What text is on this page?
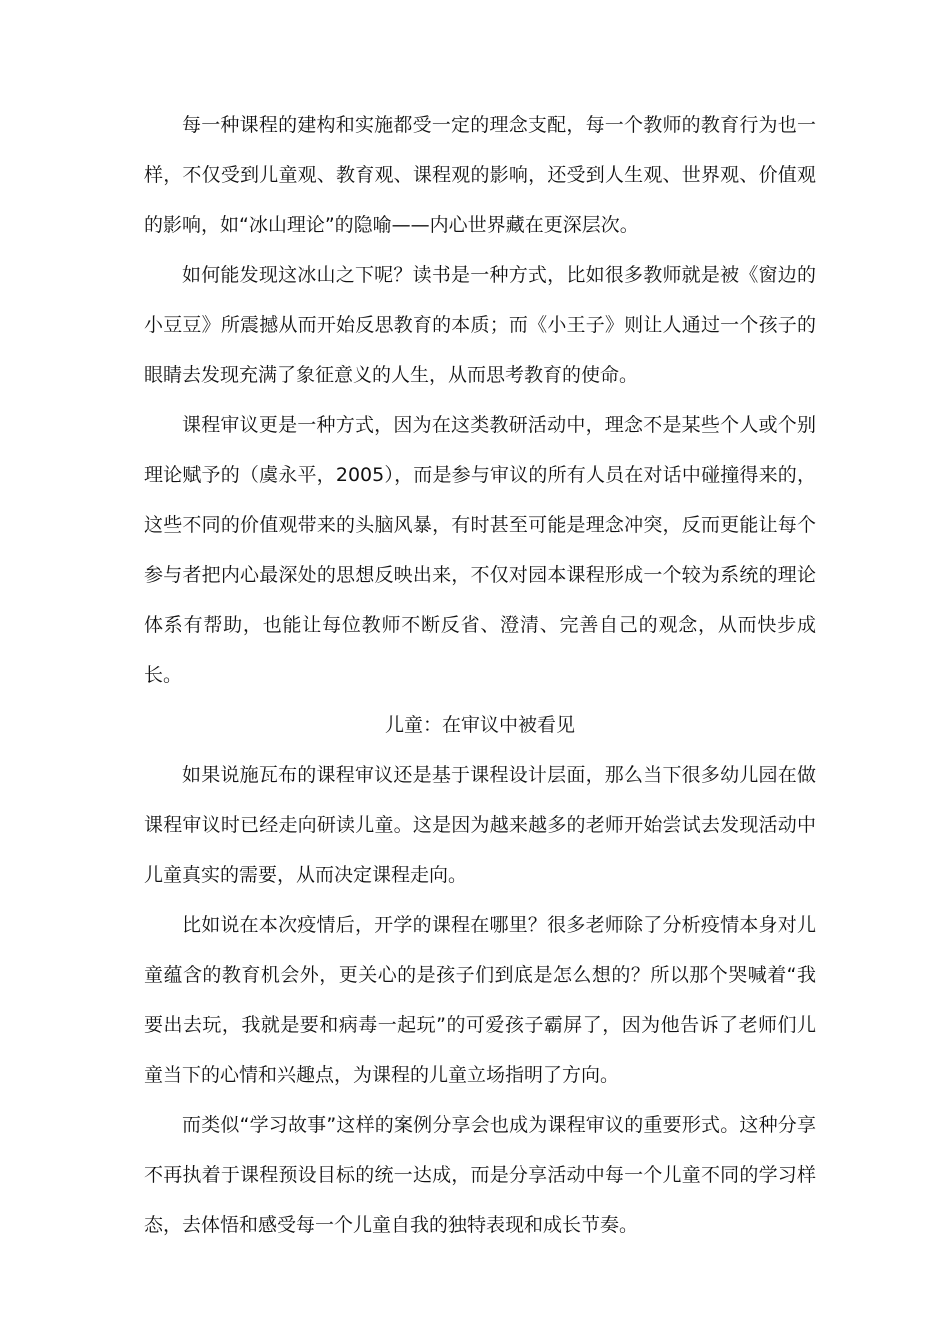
每一种课程的建构和实施都受一定的理念支配，每一个教师的教育行为也一样，不仅受到儿童观、教育观、课程观的影响，还受到人生观、世界观、价值观的影响，如“冰山理论”的隐喻——内心世界藏在更深层次。

如何能发现这冰山之下呢？读书是一种方式，比如很多教师就是被《窗边的小豆豆》所震撼从而开始反思教育的本质；而《小王子》则让人通过一个孩子的眼睛去发现充满了象征意义的人生，从而思考教育的使命。

课程审议更是一种方式，因为在这类教研活动中，理念不是某些个人或个别理论赋予的（虞永平，2005），而是参与审议的所有人员在对话中碰撞得来的，这些不同的价值观带来的头脑风暴，有时甚至可能是理念冲突，反而更能让每个参与者把内心最深处的思想反映出来，不仅对园本课程形成一个较为系统的理论体系有帮助，也能让每位教师不断反省、澄清、完善自己的观念，从而快步成长。

儿童：在审议中被看见

如果说施瓦布的课程审议还是基于课程设计层面，那么当下很多幼儿园在做课程审议时已经走向研读儿童。这是因为越来越多的老师开始尝试去发现活动中儿童真实的需要，从而决定课程走向。

比如说在本次疫情后，开学的课程在哪里？很多老师除了分析疫情本身对儿童蕴含的教育机会外，更关心的是孩子们到底是怎么想的？所以那个哭喊着“我要出去玩，我就是要和病毒一起玩”的可爱孩子霸屏了，因为他告诉了老师们儿童当下的心情和兴趣点，为课程的儿童立场指明了方向。

而类似“学习故事”这样的案例分享会也成为课程审议的重要形式。这种分享不再执着于课程预设目标的统一达成，而是分享活动中每一个儿童不同的学习样态，去体悟和感受每一个儿童自我的独特表现和成长节奏。
